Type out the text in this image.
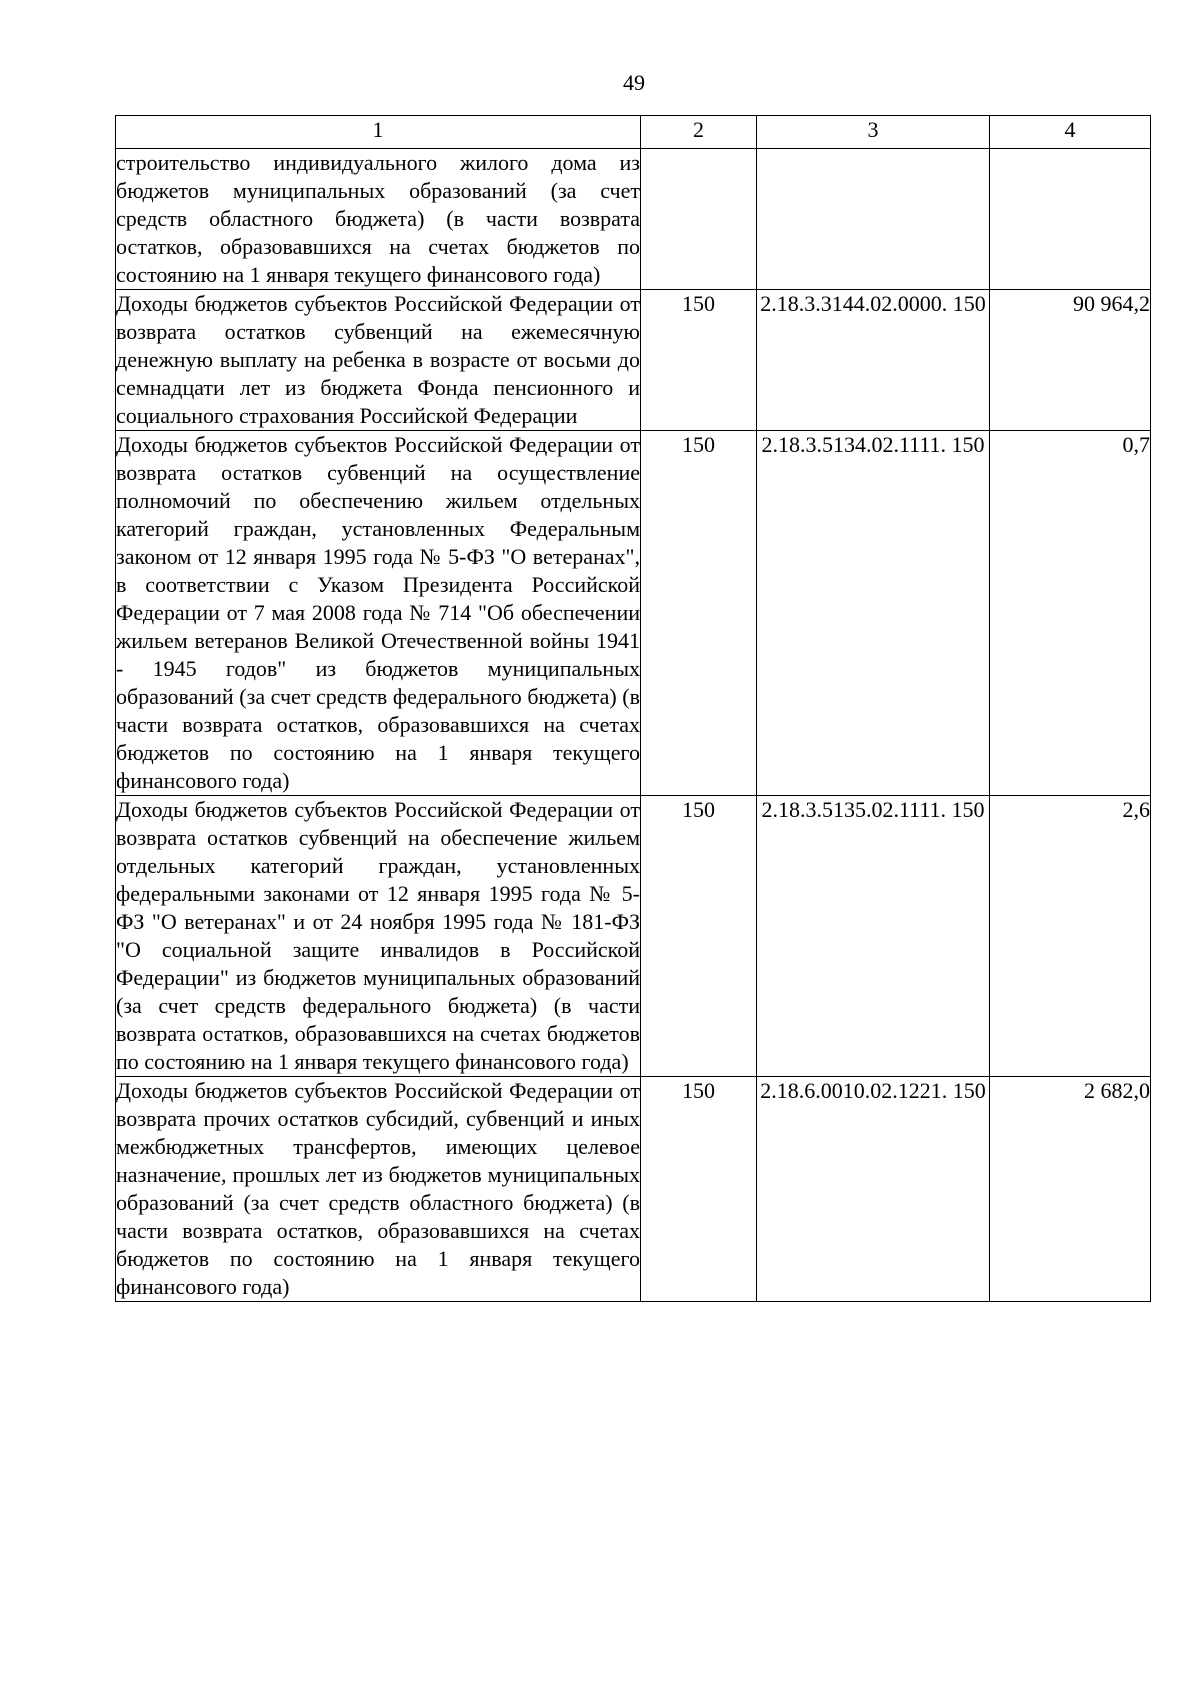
49
1	2	3	4
строительство индивидуального жилого дома из бюджетов муниципальных образований (за счет средств областного бюджета) (в части возврата остатков, образовавшихся на счетах бюджетов по состоянию на 1 января текущего финансового года)			
Доходы бюджетов субъектов Российской Федерации от возврата остатков субвенций на ежемесячную денежную выплату на ребенка в возрасте от восьми до семнадцати лет из бюджета Фонда пенсионного и социального страхования Российской Федерации	150	2.18.3.3144.02.0000. 150	90 964,2
Доходы бюджетов субъектов Российской Федерации от возврата остатков субвенций на осуществление полномочий по обеспечению жильем отдельных категорий граждан, установленных Федеральным законом от 12 января 1995 года № 5-ФЗ "О ветеранах", в соответствии с Указом Президента Российской Федерации от 7 мая 2008 года № 714 "Об обеспечении жильем ветеранов Великой Отечественной войны 1941 - 1945 годов" из бюджетов муниципальных образований (за счет средств федерального бюджета) (в части возврата остатков, образовавшихся на счетах бюджетов по состоянию на 1 января текущего финансового года)	150	2.18.3.5134.02.1111. 150	0,7
Доходы бюджетов субъектов Российской Федерации от возврата остатков субвенций на обеспечение жильем отдельных категорий граждан, установленных федеральными законами от 12 января 1995 года № 5-ФЗ "О ветеранах" и от 24 ноября 1995 года № 181-ФЗ "О социальной защите инвалидов в Российской Федерации" из бюджетов муниципальных образований (за счет средств федерального бюджета) (в части возврата остатков, образовавшихся на счетах бюджетов по состоянию на 1 января текущего финансового года)	150	2.18.3.5135.02.1111. 150	2,6
Доходы бюджетов субъектов Российской Федерации от возврата прочих остатков субсидий, субвенций и иных межбюджетных трансфертов, имеющих целевое назначение, прошлых лет из бюджетов муниципальных образований (за счет средств областного бюджета) (в части возврата остатков, образовавшихся на счетах бюджетов по состоянию на 1 января текущего финансового года)	150	2.18.6.0010.02.1221. 150	2 682,0
